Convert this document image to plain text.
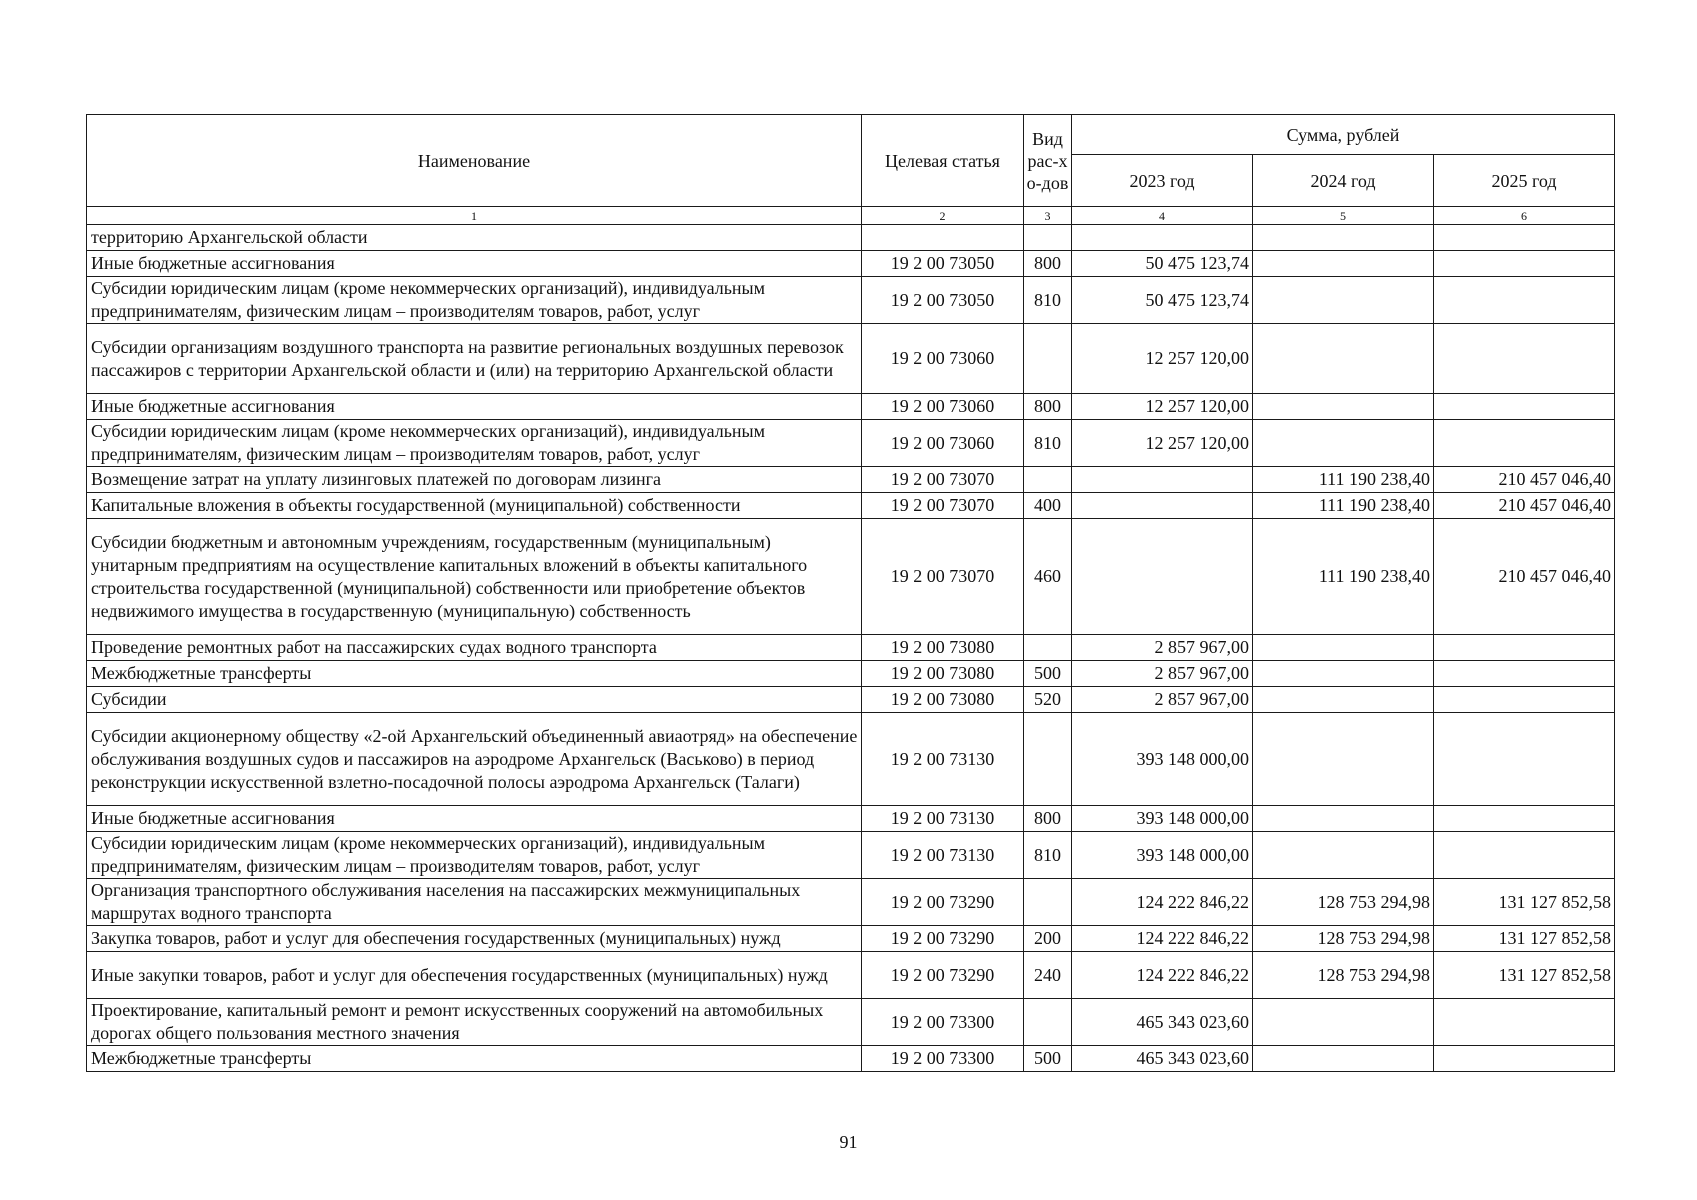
Наименование	Целевая статья	Вид рас-хо-дов	Сумма, рублей		
			2023 год	2024 год	2025 год
1	2	3	4	5	6
территорию Архангельской области					
Иные бюджетные ассигнования	19 2 00 73050	800	50 475 123,74		
Субсидии юридическим лицам (кроме некоммерческих организаций), индивидуальным предпринимателям, физическим лицам – производителям товаров, работ, услуг	19 2 00 73050	810	50 475 123,74		
Субсидии организациям воздушного транспорта на развитие региональных воздушных перевозок пассажиров с территории Архангельской области и (или) на территорию Архангельской области	19 2 00 73060		12 257 120,00		
Иные бюджетные ассигнования	19 2 00 73060	800	12 257 120,00		
Субсидии юридическим лицам (кроме некоммерческих организаций), индивидуальным предпринимателям, физическим лицам – производителям товаров, работ, услуг	19 2 00 73060	810	12 257 120,00		
Возмещение затрат на уплату лизинговых платежей по договорам лизинга	19 2 00 73070			111 190 238,40	210 457 046,40
Капитальные вложения в объекты государственной (муниципальной) собственности	19 2 00 73070	400		111 190 238,40	210 457 046,40
Субсидии бюджетным и автономным учреждениям, государственным (муниципальным) унитарным предприятиям на осуществление капитальных вложений в объекты капитального строительства государственной (муниципальной) собственности или приобретение объектов недвижимого имущества в государственную (муниципальную) собственность	19 2 00 73070	460		111 190 238,40	210 457 046,40
Проведение ремонтных работ на пассажирских судах водного транспорта	19 2 00 73080		2 857 967,00		
Межбюджетные трансферты	19 2 00 73080	500	2 857 967,00		
Субсидии	19 2 00 73080	520	2 857 967,00		
Субсидии акционерному обществу «2-ой Архангельский объединенный авиаотряд» на обеспечение обслуживания воздушных судов и пассажиров на аэродроме Архангельск (Васьково) в период реконструкции искусственной взлетно-посадочной полосы аэродрома Архангельск (Талаги)	19 2 00 73130		393 148 000,00		
Иные бюджетные ассигнования	19 2 00 73130	800	393 148 000,00		
Субсидии юридическим лицам (кроме некоммерческих организаций), индивидуальным предпринимателям, физическим лицам – производителям товаров, работ, услуг	19 2 00 73130	810	393 148 000,00		
Организация транспортного обслуживания населения на пассажирских межмуниципальных маршрутах водного транспорта	19 2 00 73290		124 222 846,22	128 753 294,98	131 127 852,58
Закупка товаров, работ и услуг для обеспечения государственных (муниципальных) нужд	19 2 00 73290	200	124 222 846,22	128 753 294,98	131 127 852,58
Иные закупки товаров, работ и услуг для обеспечения государственных (муниципальных) нужд	19 2 00 73290	240	124 222 846,22	128 753 294,98	131 127 852,58
Проектирование, капитальный ремонт и ремонт искусственных сооружений на автомобильных дорогах общего пользования местного значения	19 2 00 73300		465 343 023,60		
Межбюджетные трансферты	19 2 00 73300	500	465 343 023,60		
91
